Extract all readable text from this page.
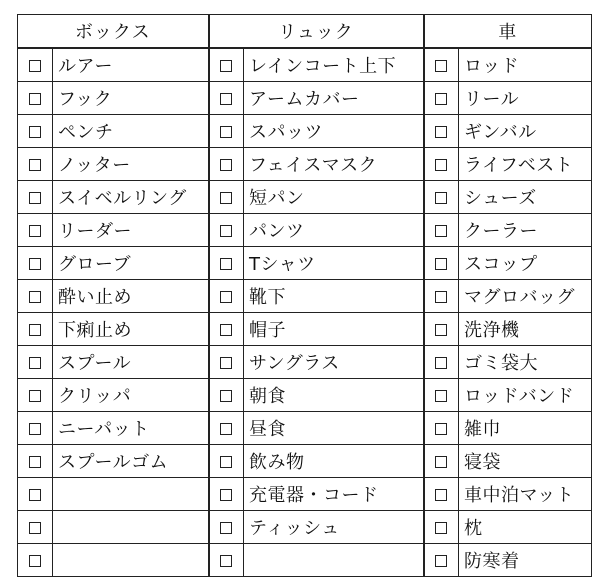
ボックス		リュック		車	
	ルアー		レインコート上下		ロッド
	フック		アームカバー		リール
	ペンチ		スパッツ		ギンバル
	ノッター		フェイスマスク		ライフベスト
	スイベルリング		短パン		シューズ
	リーダー		パンツ		クーラー
	グローブ		Tシャツ		スコップ
	酔い止め		靴下		マグロバッグ
	下痢止め		帽子		洗浄機
	スプール		サングラス		ゴミ袋大
	クリッパ		朝食		ロッドバンド
	ニーパット		昼食		雑巾
	スプールゴム		飲み物		寝袋
			充電器・コード		車中泊マット
			ティッシュ		枕
					防寒着
